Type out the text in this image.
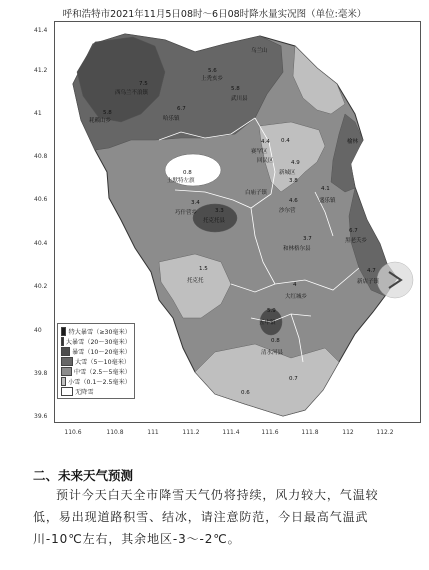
呼和浩特市2021年11月5日08时～6日08时降水量实况图（单位:毫米）
41.4
41.2
41
40.8
40.6
40.4
40.2
40
39.8
39.6
110.6	110.8	111	111.2	111.4	111.6	111.8	112	112.2
乌兰山
5.6
上秃亥乡
5.8
武川县
7.5
西乌兰不浪镇
6.7
哈乐镇
5.8
耗赖山乡
4.4
赛罕区
4.9
新城区
0.4
回民区
榆林
0.8
土默特左旗	3.8
白庙子镇
4.1
盛乐镇
4.6
沙尔营
3.4
巧什营乡	3.3
托克托县
3.7
和林格尔县
6.7
黑老夭乡
4.7
新店子镇
1.5
托克托
4
大红城乡
5.9
五申镇
0.8
清水河县
0.6
0.7
特大暴雪（≥30毫米）
大暴雪（20～30毫米）
暴雪（10～20毫米）
大雪（5～10毫米）
中雪（2.5～5毫米）
小雪（0.1～2.5毫米）
无降雪
二、未来天气预测

预计今天白天全市降雪天气仍将持续，风力较大，气温较低，易出现道路积雪、结冰，请注意防范，今日最高气温武川-10℃左右，其余地区-3～-2℃。
